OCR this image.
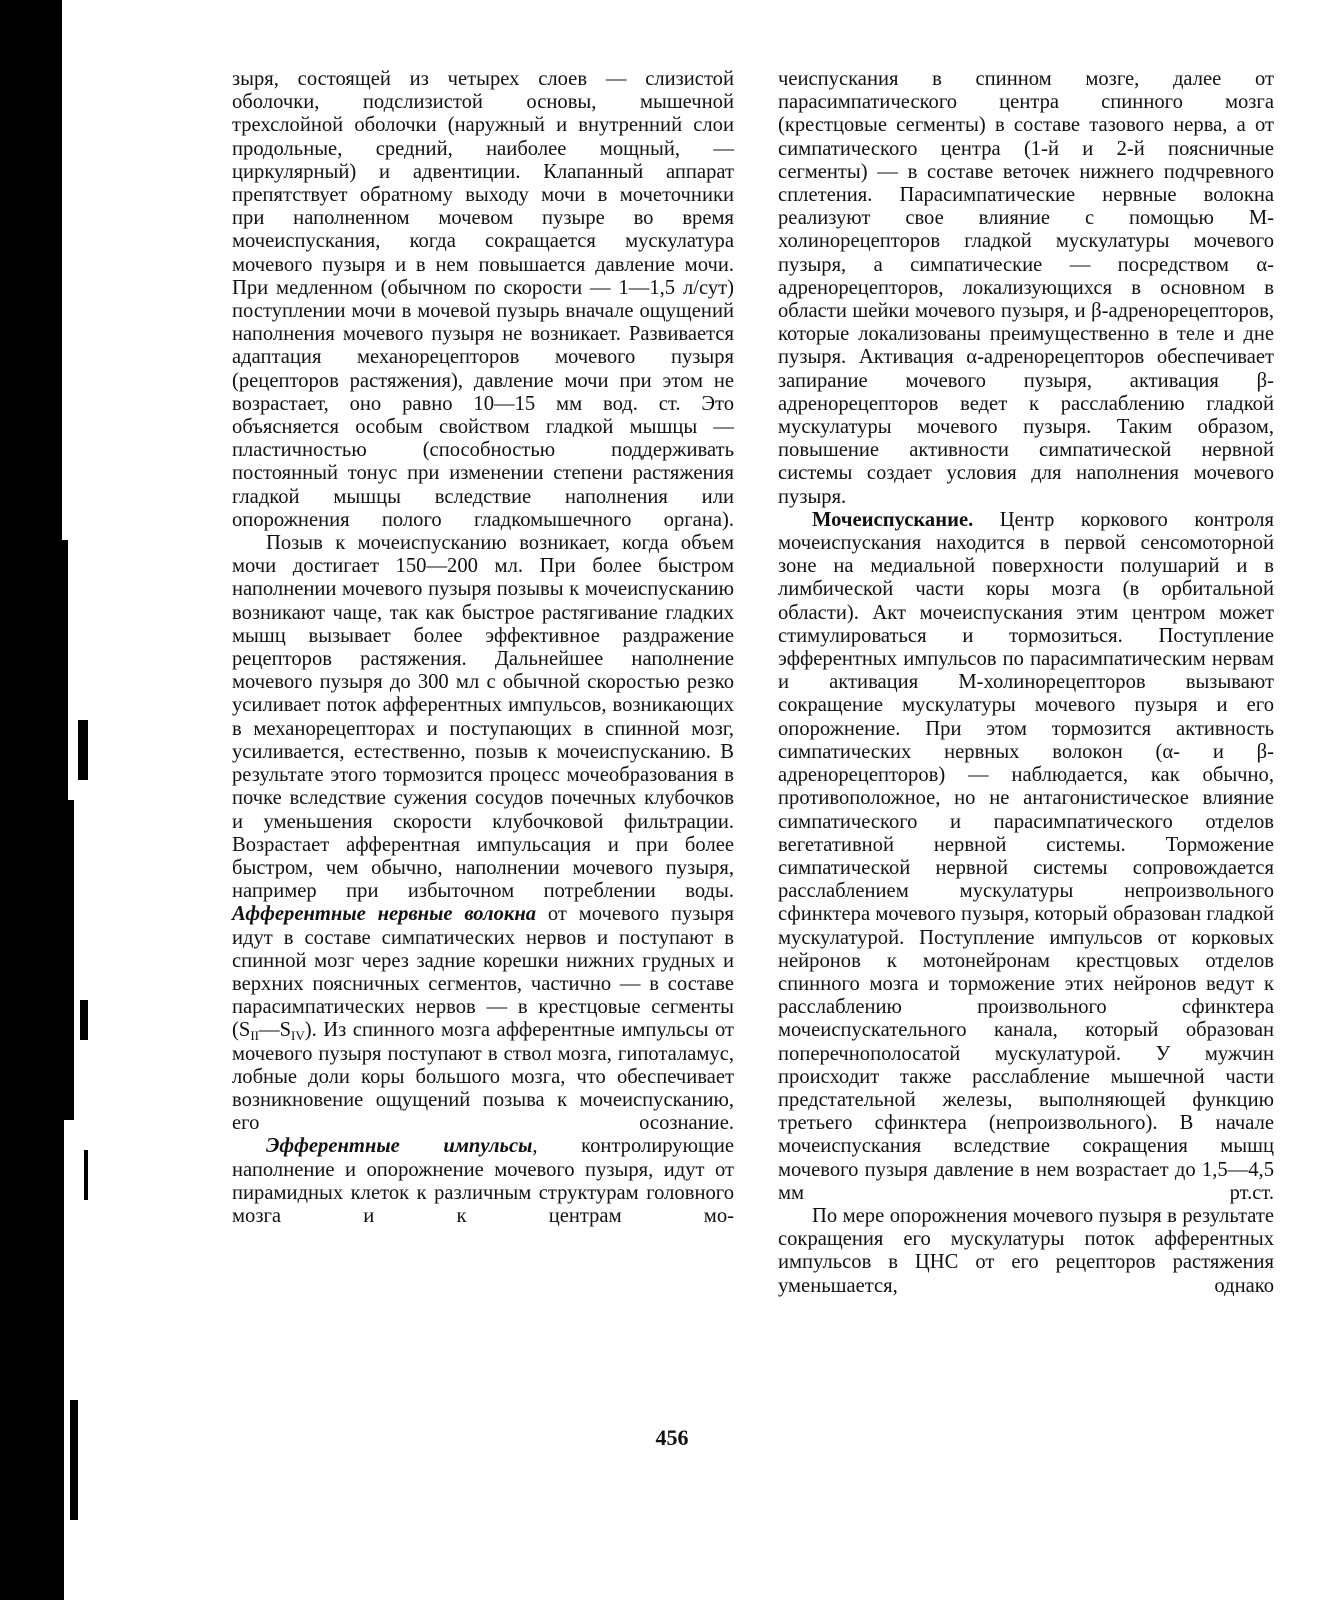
зыря, состоящей из четырех слоев — слизистой оболочки, подслизистой основы, мышечной трехслойной оболочки (наружный и внутренний слои продольные, средний, наиболее мощный, — циркулярный) и адвентиции. Клапанный аппарат препятствует обратному выходу мочи в мочеточники при наполненном мочевом пузыре во время мочеиспускания, когда сокращается мускулатура мочевого пузыря и в нем повышается давление мочи. При медленном (обычном по скорости — 1—1,5 л/сут) поступлении мочи в мочевой пузырь вначале ощущений наполнения мочевого пузыря не возникает. Развивается адаптация механорецепторов мочевого пузыря (рецепторов растяжения), давление мочи при этом не возрастает, оно равно 10—15 мм вод. ст. Это объясняется особым свойством гладкой мышцы — пластичностью (способностью поддерживать постоянный тонус при изменении степени растяжения гладкой мышцы вследствие наполнения или опорожнения полого гладкомышечного органа).

Позыв к мочеиспусканию возникает, когда объем мочи достигает 150—200 мл. При более быстром наполнении мочевого пузыря позывы к мочеиспусканию возникают чаще, так как быстрое растягивание гладких мышц вызывает более эффективное раздражение рецепторов растяжения. Дальнейшее наполнение мочевого пузыря до 300 мл с обычной скоростью резко усиливает поток афферентных импульсов, возникающих в механорецепторах и поступающих в спинной мозг, усиливается, естественно, позыв к мочеиспусканию. В результате этого тормозится процесс мочеобразования в почке вследствие сужения сосудов почечных клубочков и уменьшения скорости клубочковой фильтрации. Возрастает афферентная импульсация и при более быстром, чем обычно, наполнении мочевого пузыря, например при избыточном потреблении воды. Афферентные нервные волокна от мочевого пузыря идут в составе симпатических нервов и поступают в спинной мозг через задние корешки нижних грудных и верхних поясничных сегментов, частично — в составе парасимпатических нервов — в крестцовые сегменты $(S_{II}—S_{IV})$. Из спинного мозга афферентные импульсы от мочевого пузыря поступают в ствол мозга, гипоталамус, лобные доли коры большого мозга, что обеспечивает возникновение ощущений позыва к мочеиспусканию, его осознание.

Эфферентные импульсы, контролирующие наполнение и опорожнение мочевого пузыря, идут от пирамидных клеток к различным структурам головного мозга и к центрам мо-

чеиспускания в спинном мозге, далее от парасимпатического центра спинного мозга (крестцовые сегменты) в составе тазового нерва, а от симпатического центра (1-й и 2-й поясничные сегменты) — в составе веточек нижнего подчревного сплетения. Парасимпатические нервные волокна реализуют свое влияние с помощью М-холинорецепторов гладкой мускулатуры мочевого пузыря, а симпатические — посредством α-адренорецепторов, локализующихся в основном в области шейки мочевого пузыря, и β-адренорецепторов, которые локализованы преимущественно в теле и дне пузыря. Активация α-адренорецепторов обеспечивает запирание мочевого пузыря, активация β-адренорецепторов ведет к расслаблению гладкой мускулатуры мочевого пузыря. Таким образом, повышение активности симпатической нервной системы создает условия для наполнения мочевого пузыря.

Мочеиспускание. Центр коркового контроля мочеиспускания находится в первой сенсомоторной зоне на медиальной поверхности полушарий и в лимбической части коры мозга (в орбитальной области). Акт мочеиспускания этим центром может стимулироваться и тормозиться. Поступление эфферентных импульсов по парасимпатическим нервам и активация М-холинорецепторов вызывают сокращение мускулатуры мочевого пузыря и его опорожнение. При этом тормозится активность симпатических нервных волокон (α- и β-адренорецепторов) — наблюдается, как обычно, противоположное, но не антагонистическое влияние симпатического и парасимпатического отделов вегетативной нервной системы. Торможение симпатической нервной системы сопровождается расслаблением мускулатуры непроизвольного сфинктера мочевого пузыря, который образован гладкой мускулатурой. Поступление импульсов от корковых нейронов к мотонейронам крестцовых отделов спинного мозга и торможение этих нейронов ведут к расслаблению произвольного сфинктера мочеиспускательного канала, который образован поперечнополосатой мускулатурой. У мужчин происходит также расслабление мышечной части предстательной железы, выполняющей функцию третьего сфинктера (непроизвольного). В начале мочеиспускания вследствие сокращения мышц мочевого пузыря давление в нем возрастает до 1,5—4,5 мм рт.ст.

По мере опорожнения мочевого пузыря в результате сокращения его мускулатуры поток афферентных импульсов в ЦНС от его рецепторов растяжения уменьшается, однако

456
